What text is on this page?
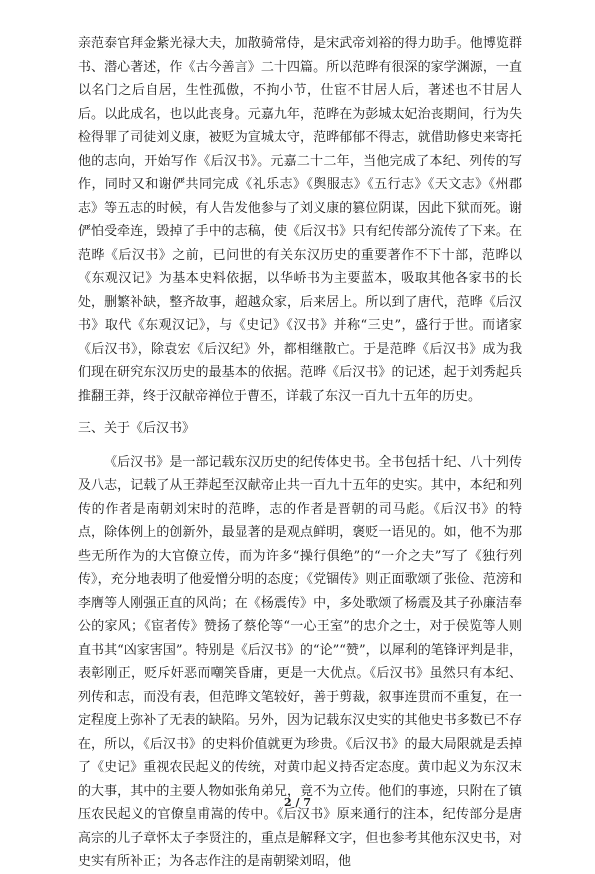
亲范泰官拜金紫光禄大夫，加散骑常侍，是宋武帝刘裕的得力助手。他博览群书、潜心著述，作《古今善言》二十四篇。所以范晔有很深的家学渊源，一直以名门之后自居，生性孤傲，不拘小节，仕宦不甘居人后，著述也不甘居人后。以此成名，也以此丧身。元嘉九年，范晔在为彭城太妃治丧期间，行为失检得罪了司徒刘义康，被贬为宣城太守，范晔郁郁不得志，就借助修史来寄托他的志向，开始写作《后汉书》。元嘉二十二年，当他完成了本纪、列传的写作，同时又和谢俨共同完成《礼乐志》《舆服志》《五行志》《天文志》《州郡志》等五志的时候，有人告发他参与了刘义康的篡位阴谋，因此下狱而死。谢俨怕受牵连，毁掉了手中的志稿，使《后汉书》只有纪传部分流传了下来。在范晔《后汉书》之前，已问世的有关东汉历史的重要著作不下十部，范晔以《东观汉记》为基本史料依据，以华峤书为主要蓝本，吸取其他各家书的长处，删繁补缺，整齐故事，超越众家，后来居上。所以到了唐代，范晔《后汉书》取代《东观汉记》，与《史记》《汉书》并称“三史”，盛行于世。而诸家《后汉书》，除袁宏《后汉纪》外，都相继散亡。于是范晔《后汉书》成为我们现在研究东汉历史的最基本的依据。范晔《后汉书》的记述，起于刘秀起兵推翻王莽，终于汉献帝禅位于曹丕，详载了东汉一百九十五年的历史。

三、关于《后汉书》

《后汉书》是一部记载东汉历史的纪传体史书。全书包括十纪、八十列传及八志，记载了从王莽起至汉献帝止共一百九十五年的史实。其中，本纪和列传的作者是南朝刘宋时的范晔，志的作者是晋朝的司马彪。《后汉书》的特点，除体例上的创新外，最显著的是观点鲜明，褒贬一语见的。如，他不为那些无所作为的大官僚立传，而为许多“操行俱绝”的“一介之夫”写了《独行列传》，充分地表明了他爱憎分明的态度；《党锢传》则正面歌颂了张俭、范滂和李膺等人刚强正直的风尚；在《杨震传》中，多处歌颂了杨震及其子孙廉洁奉公的家风；《宦者传》赞扬了蔡伦等“一心王室”的忠介之士，对于侯览等人则直书其“凶家害国”。特别是《后汉书》的“论”“赞”，以犀利的笔锋评判是非，表彰刚正，贬斥奸恶而嘲笑昏庸，更是一大优点。《后汉书》虽然只有本纪、列传和志，而没有表，但范晔文笔较好，善于剪裁，叙事连贯而不重复，在一定程度上弥补了无表的缺陷。另外，因为记载东汉史实的其他史书多数已不存在，所以，《后汉书》的史料价值就更为珍贵。《后汉书》的最大局限就是丢掉了《史记》重视农民起义的传统，对黄巾起义持否定态度。黄巾起义为东汉末的大事，其中的主要人物如张角弟兄，竟不为立传。他们的事迹，只附在了镇压农民起义的官僚皇甫嵩的传中。《后汉书》原来通行的注本，纪传部分是唐高宗的儿子章怀太子李贤注的，重点是解释文字，但也参考其他东汉史书，对史实有所补正；为各志作注的是南朝梁刘昭，他

2 / 7
